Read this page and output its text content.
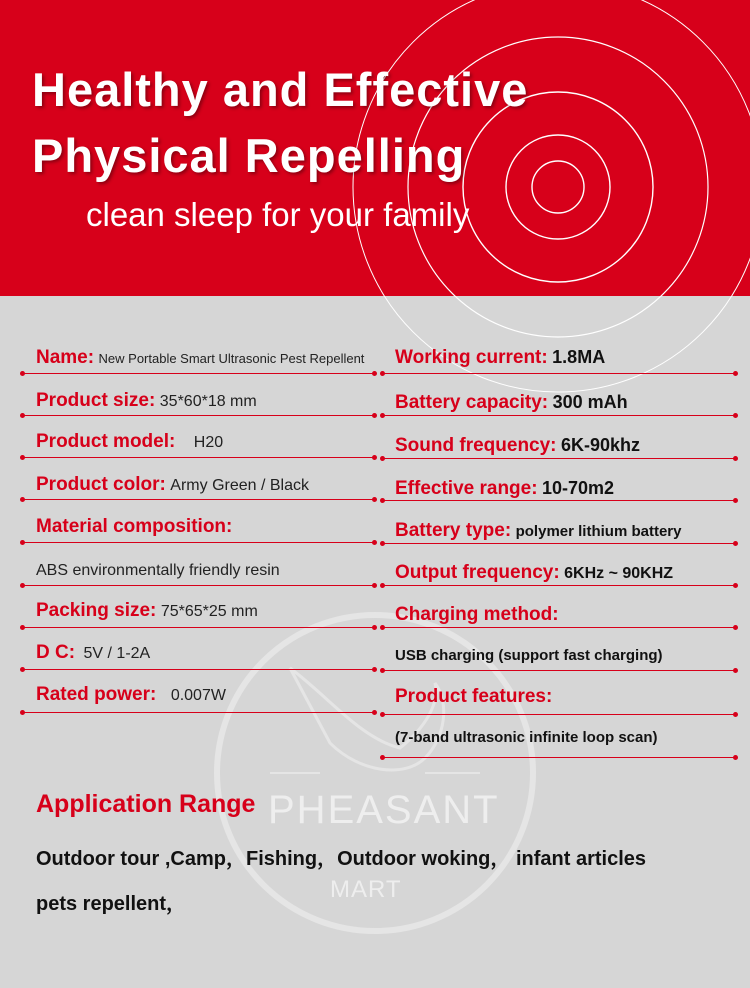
Healthy and Effective
Physical Repelling
clean sleep for your family
PHEASANT
MART
Name: New Portable Smart Ultrasonic Pest Repellent
Product size: 35*60*18 mm
Product model: H20
Product color: Army Green / Black
Material composition:
ABS environmentally friendly resin
Packing size: 75*65*25 mm
D C: 5V / 1-2A
Rated power: 0.007W
Working current: 1.8MA
Battery capacity: 300 mAh
Sound frequency: 6K-90khz
Effective range: 10-70m2
Battery type: polymer lithium battery
Output frequency: 6KHz ~ 90KHZ
Charging method:
USB charging (support fast charging)
Product features:
(7-band ultrasonic infinite loop scan)
Application Range
Outdoor tour ,Camp，Fishing，Outdoor woking， infant articles
pets repellent，
